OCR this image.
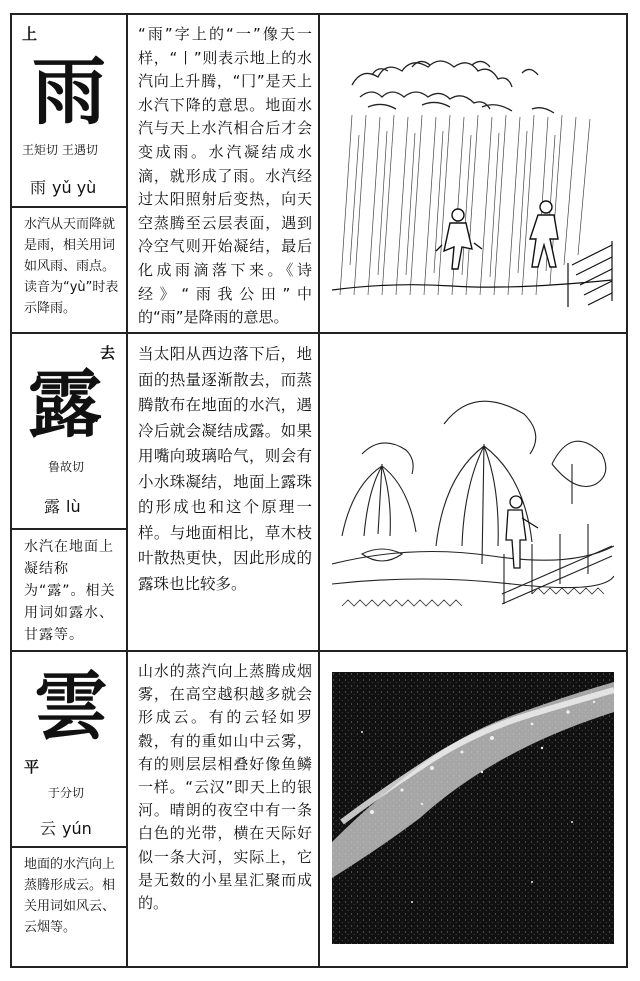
上
雨
王矩切 王遇切
雨 yǔ yù
水汽从天而降就是雨，相关用词如风雨、雨点。读音为“yù”时表示降雨。
“雨”字上的“一”像天一样，“丨”则表示地上的水汽向上升腾，“冂”是天上水汽下降的意思。地面水汽与天上水汽相合后才会变成雨。水汽凝结成水滴，就形成了雨。水汽经过太阳照射后变热，向天空蒸腾至云层表面，遇到冷空气则开始凝结，最后化成雨滴落下来。《诗经》“雨我公田”中的“雨”是降雨的意思。
去
露
鲁故切
露 lù
水汽在地面上凝结称为“露”。相关用词如露水、甘露等。
当太阳从西边落下后，地面的热量逐渐散去，而蒸腾散布在地面的水汽，遇冷后就会凝结成露。如果用嘴向玻璃哈气，则会有小水珠凝结，地面上露珠的形成也和这个原理一样。与地面相比，草木枝叶散热更快，因此形成的露珠也比较多。
雲
平
于分切
云 yún
地面的水汽向上蒸腾形成云。相关用词如风云、云烟等。
山水的蒸汽向上蒸腾成烟雾，在高空越积越多就会形成云。有的云轻如罗縠，有的重如山中云雾，有的则层层相叠好像鱼鳞一样。“云汉”即天上的银河。晴朗的夜空中有一条白色的光带，横在天际好似一条大河，实际上，它是无数的小星星汇聚而成的。
